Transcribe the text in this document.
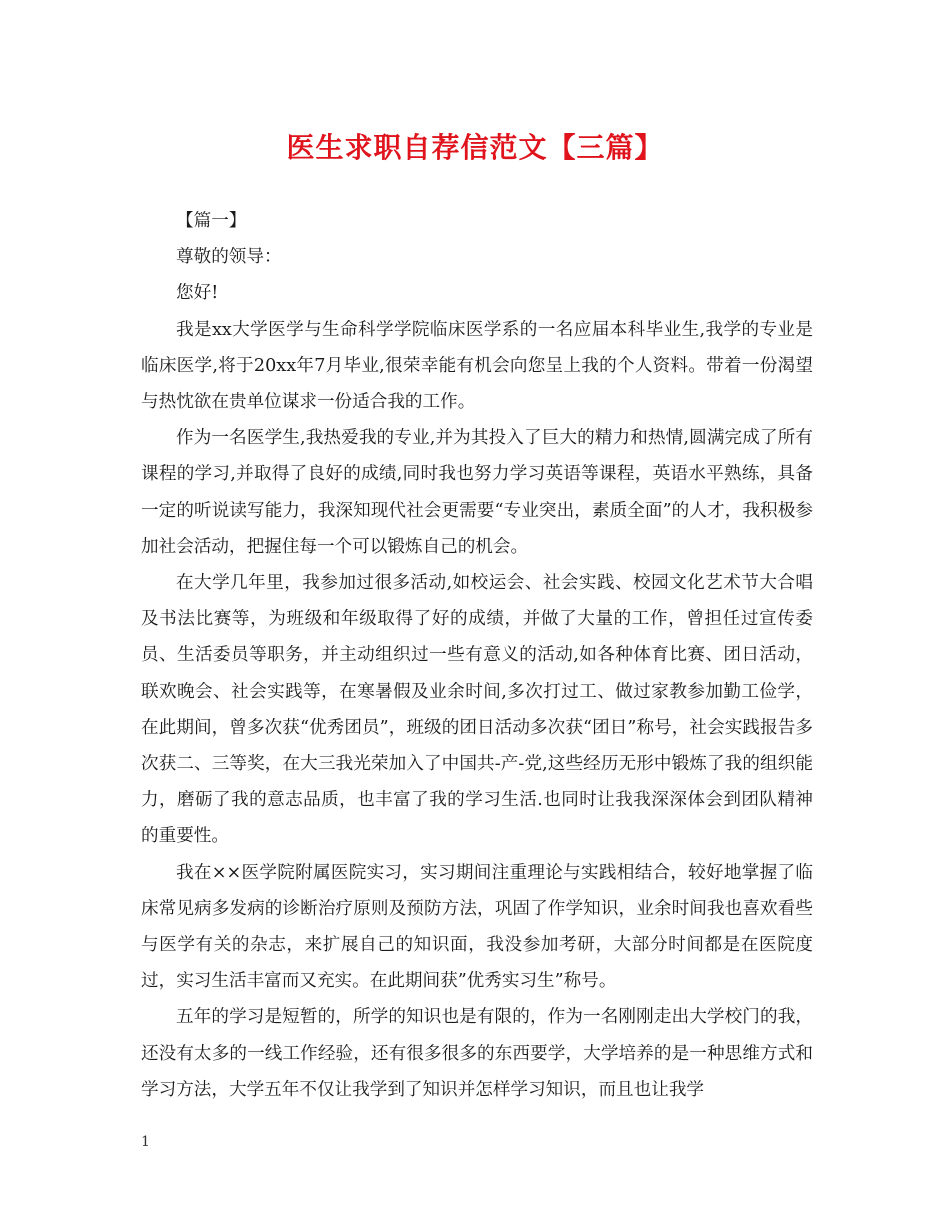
医生求职自荐信范文【三篇】

【篇一】

尊敬的领导：

您好!

我是xx大学医学与生命科学学院临床医学系的一名应届本科毕业生,我学的专业是临床医学,将于20xx年7月毕业,很荣幸能有机会向您呈上我的个人资料。带着一份渴望与热忱欲在贵单位谋求一份适合我的工作。

作为一名医学生,我热爱我的专业,并为其投入了巨大的精力和热情,圆满完成了所有课程的学习,并取得了良好的成绩,同时我也努力学习英语等课程，英语水平熟练，具备一定的听说读写能力，我深知现代社会更需要“专业突出，素质全面”的人才，我积极参加社会活动，把握住每一个可以锻炼自己的机会。

在大学几年里，我参加过很多活动,如校运会、社会实践、校园文化艺术节大合唱及书法比赛等，为班级和年级取得了好的成绩，并做了大量的工作，曾担任过宣传委员、生活委员等职务，并主动组织过一些有意义的活动,如各种体育比赛、团日活动，联欢晚会、社会实践等，在寒暑假及业余时间,多次打过工、做过家教参加勤工俭学，在此期间，曾多次获“优秀团员”，班级的团日活动多次获“团日”称号，社会实践报告多次获二、三等奖，在大三我光荣加入了中国共-产-党,这些经历无形中锻炼了我的组织能力，磨砺了我的意志品质，也丰富了我的学习生活.也同时让我我深深体会到团队精神的重要性。

我在××医学院附属医院实习，实习期间注重理论与实践相结合，较好地掌握了临床常见病多发病的诊断治疗原则及预防方法，巩固了作学知识，业余时间我也喜欢看些与医学有关的杂志，来扩展自己的知识面，我没参加考研，大部分时间都是在医院度过，实习生活丰富而又充实。在此期间获”优秀实习生”称号。

五年的学习是短暂的，所学的知识也是有限的，作为一名刚刚走出大学校门的我，还没有太多的一线工作经验，还有很多很多的东西要学，大学培养的是一种思维方式和学习方法，大学五年不仅让我学到了知识并怎样学习知识，而且也让我学

1
